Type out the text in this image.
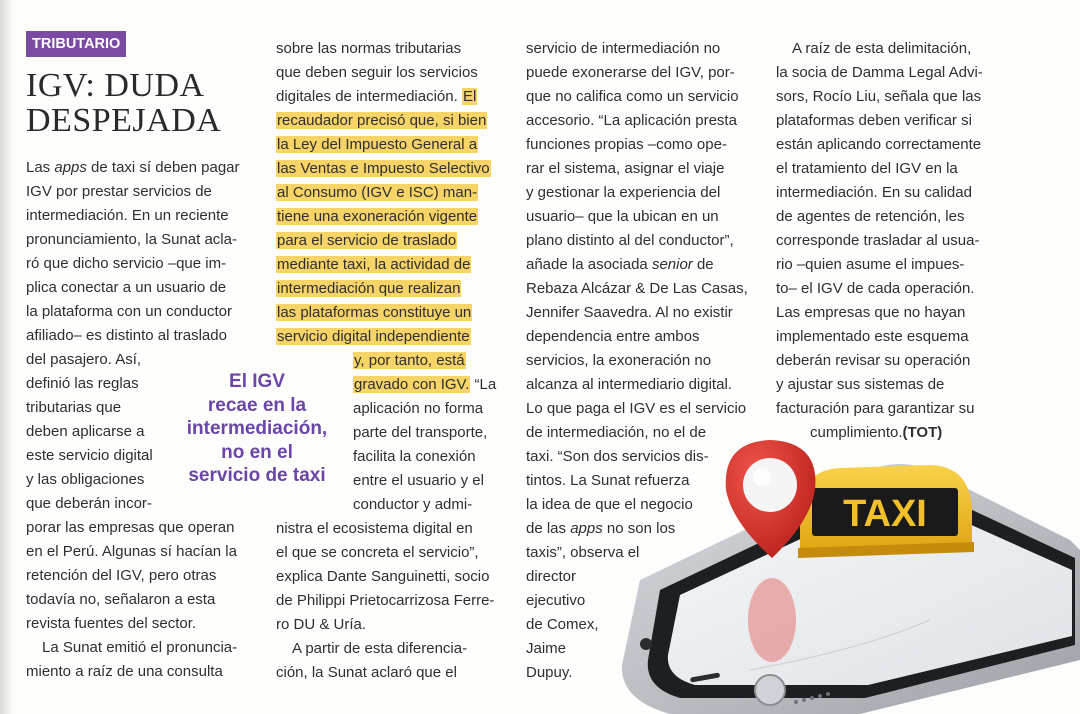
TRIBUTARIO
IGV: DUDA
DESPEJADA
Las apps de taxi sí deben pagar
IGV por prestar servicios de
intermediación. En un reciente
pronunciamiento, la Sunat acla-
ró que dicho servicio –que im-
plica conectar a un usuario de
la plataforma con un conductor
afiliado– es distinto al traslado
del pasajero. Así,
definió las reglas
tributarias que
deben aplicarse a
este servicio digital
y las obligaciones
que deberán incor-
porar las empresas que operan
en el Perú. Algunas sí hacían la
retención del IGV, pero otras
todavía no, señalaron a esta
revista fuentes del sector.
La Sunat emitió el pronuncia-
miento a raíz de una consulta
El IGV
recae en la
intermediación,
no en el
servicio de taxi
sobre las normas tributarias
que deben seguir los servicios
digitales de intermediación. El
recaudador precisó que, si bien
la Ley del Impuesto General a
las Ventas e Impuesto Selectivo
al Consumo (IGV e ISC) man-
tiene una exoneración vigente
para el servicio de traslado
mediante taxi, la actividad de
intermediación que realizan
las plataformas constituye un
servicio digital independiente
y, por tanto, está
gravado con IGV. “La
aplicación no forma
parte del transporte,
facilita la conexión
entre el usuario y el
conductor y admi-
nistra el ecosistema digital en
el que se concreta el servicio”,
explica Dante Sanguinetti, socio
de Philippi Prietocarrizosa Ferre-
ro DU & Uría.
A partir de esta diferencia-
ción, la Sunat aclaró que el
servicio de intermediación no
puede exonerarse del IGV, por-
que no califica como un servicio
accesorio. “La aplicación presta
funciones propias –como ope-
rar el sistema, asignar el viaje
y gestionar la experiencia del
usuario– que la ubican en un
plano distinto al del conductor”,
añade la asociada senior de
Rebaza Alcázar & De Las Casas,
Jennifer Saavedra. Al no existir
dependencia entre ambos
servicios, la exoneración no
alcanza al intermediario digital.
Lo que paga el IGV es el servicio
de intermediación, no el de
taxi. “Son dos servicios dis-
tintos. La Sunat refuerza
la idea de que el negocio
de las apps no son los
taxis”, observa el
director
ejecutivo
de Comex,
Jaime
Dupuy.
A raíz de esta delimitación,
la socia de Damma Legal Advi-
sors, Rocío Liu, señala que las
plataformas deben verificar si
están aplicando correctamente
el tratamiento del IGV en la
intermediación. En su calidad
de agentes de retención, les
corresponde trasladar al usua-
rio –quien asume el impues-
to– el IGV de cada operación.
Las empresas que no hayan
implementado este esquema
deberán revisar su operación
y ajustar sus sistemas de
facturación para garantizar su
cumplimiento.(TOT)
TAXI
